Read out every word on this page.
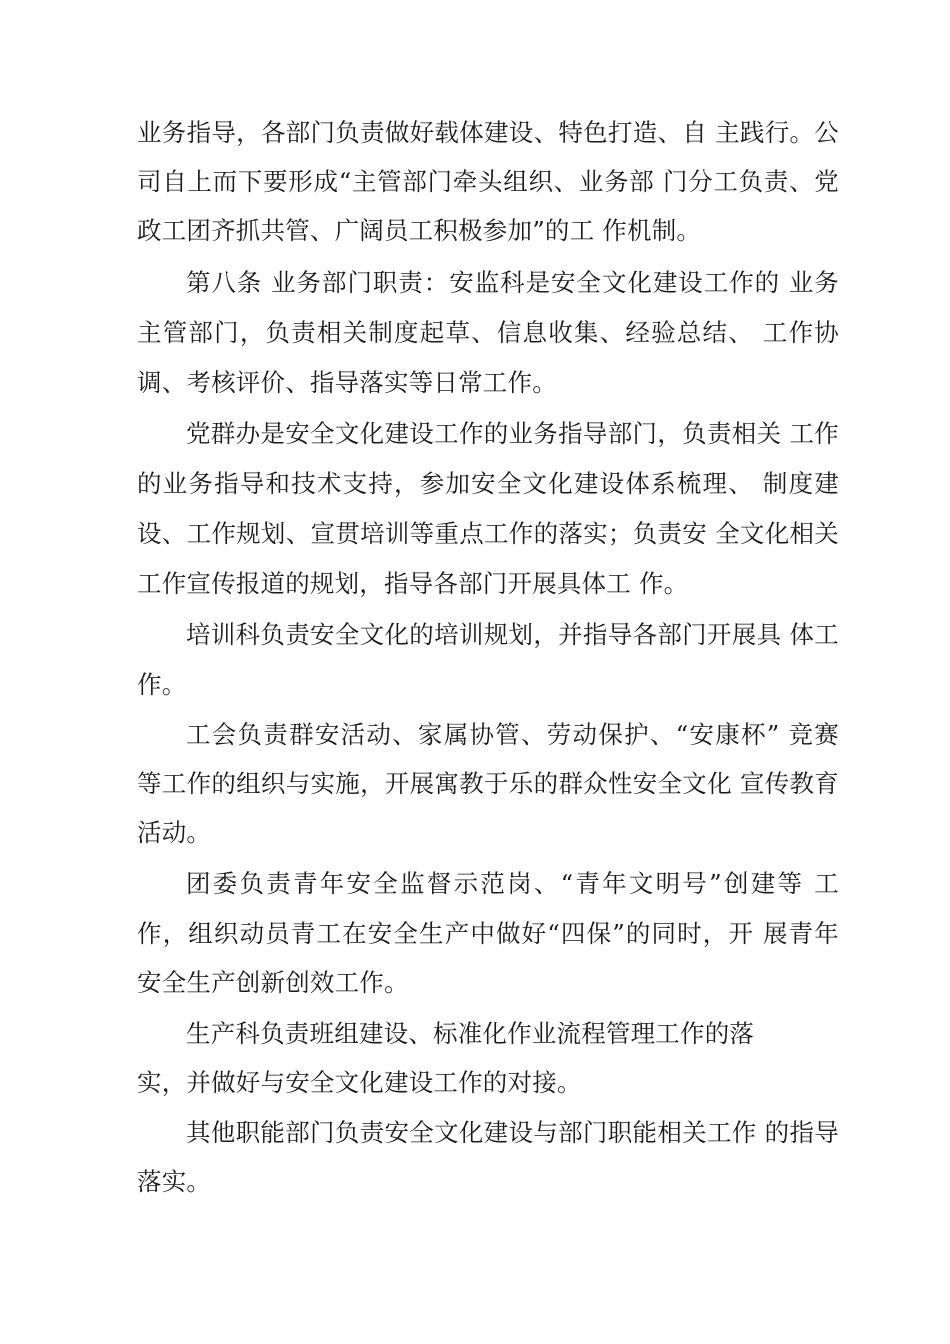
业务指导，各部门负责做好载体建设、特色打造、自 主践行。公
司自上而下要形成“主管部门牵头组织、业务部 门分工负责、党
政工团齐抓共管、广阔员工积极参加”的工 作机制。
第八条 业务部门职责：安监科是安全文化建设工作的 业务
主管部门，负责相关制度起草、信息收集、经验总结、 工作协
调、考核评价、指导落实等日常工作。
党群办是安全文化建设工作的业务指导部门，负责相关 工作
的业务指导和技术支持，参加安全文化建设体系梳理、 制度建
设、工作规划、宣贯培训等重点工作的落实；负责安 全文化相关
工作宣传报道的规划，指导各部门开展具体工 作。
培训科负责安全文化的培训规划，并指导各部门开展具 体工
作。
工会负责群安活动、家属协管、劳动保护、“安康杯” 竞赛
等工作的组织与实施，开展寓教于乐的群众性安全文化 宣传教育
活动。
团委负责青年安全监督示范岗、“青年文明号”创建等 工
作，组织动员青工在安全生产中做好“四保”的同时，开 展青年
安全生产创新创效工作。
生产科负责班组建设、标准化作业流程管理工作的落
实，并做好与安全文化建设工作的对接。
其他职能部门负责安全文化建设与部门职能相关工作 的指导
落实。
